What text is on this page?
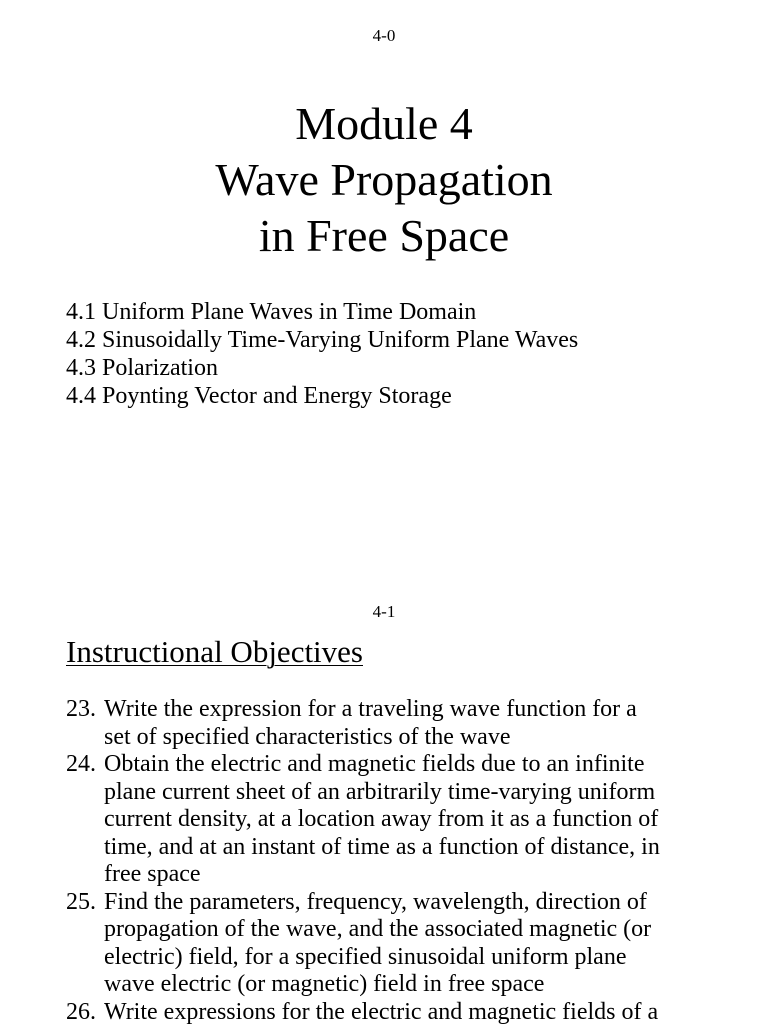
4-0
Module 4
Wave Propagation
in Free Space
4.1 Uniform Plane Waves in Time Domain
4.2 Sinusoidally Time-Varying Uniform Plane Waves
4.3 Polarization
4.4 Poynting Vector and Energy Storage
4-1
Instructional Objectives
23. Write the expression for a traveling wave function for a
set of specified characteristics of the wave
24. Obtain the electric and magnetic fields due to an infinite
plane current sheet of an arbitrarily time-varying uniform
current density, at a location away from it as a function of
time, and at an instant of time as a function of distance, in
free space
25. Find the parameters, frequency, wavelength, direction of
propagation of the wave, and the associated magnetic (or
electric) field, for a specified sinusoidal uniform plane
wave electric (or magnetic) field in free space
26. Write expressions for the electric and magnetic fields of a
